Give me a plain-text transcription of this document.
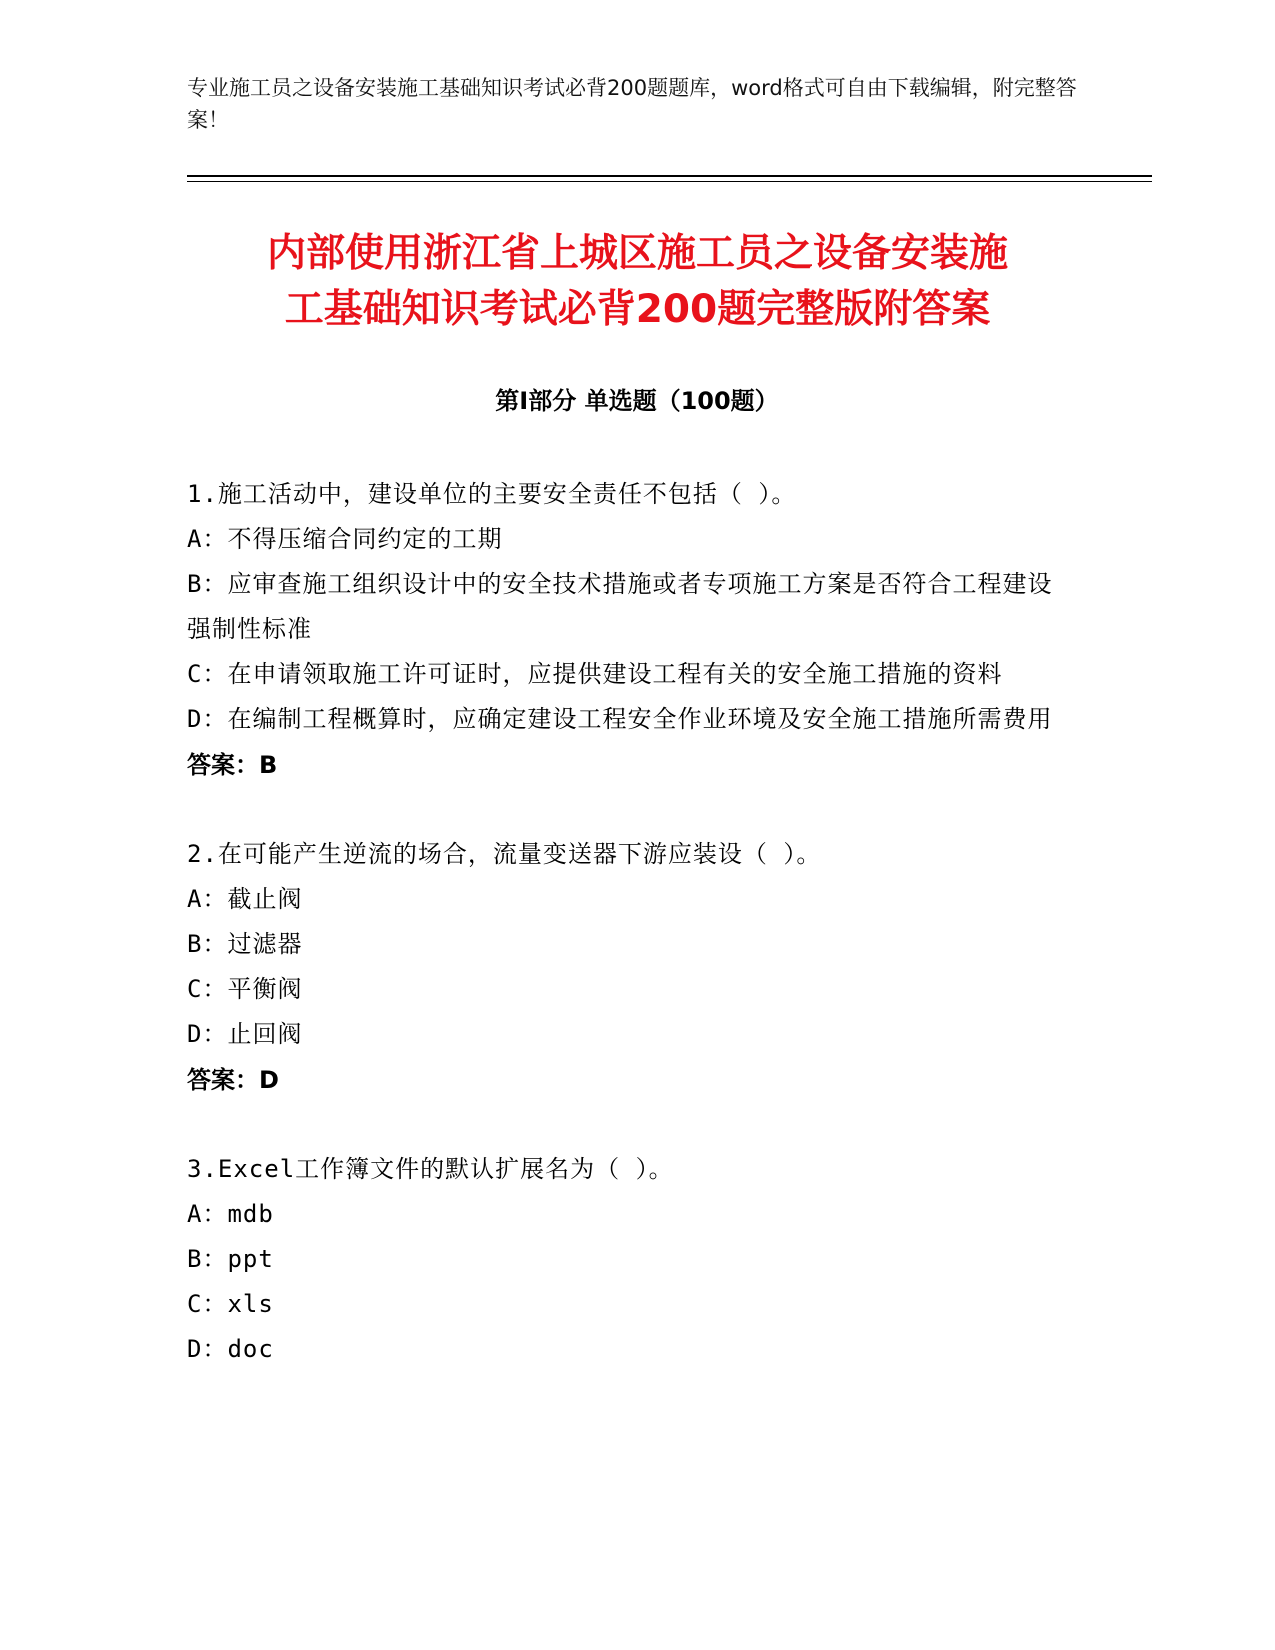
专业施工员之设备安装施工基础知识考试必背200题题库，word格式可自由下载编辑，附完整答案！
内部使用浙江省上城区施工员之设备安装施
工基础知识考试必背200题完整版附答案
第Ⅰ部分 单选题（100题）
1.施工活动中，建设单位的主要安全责任不包括（ ）。
A：不得压缩合同约定的工期
B：应审查施工组织设计中的安全技术措施或者专项施工方案是否符合工程建设强制性标准
C：在申请领取施工许可证时，应提供建设工程有关的安全施工措施的资料
D：在编制工程概算时，应确定建设工程安全作业环境及安全施工措施所需费用
答案：B
2.在可能产生逆流的场合，流量变送器下游应装设（ ）。
A：截止阀
B：过滤器
C：平衡阀
D：止回阀
答案：D
3.Excel工作簿文件的默认扩展名为（ ）。
A：mdb
B：ppt
C：xls
D：doc
